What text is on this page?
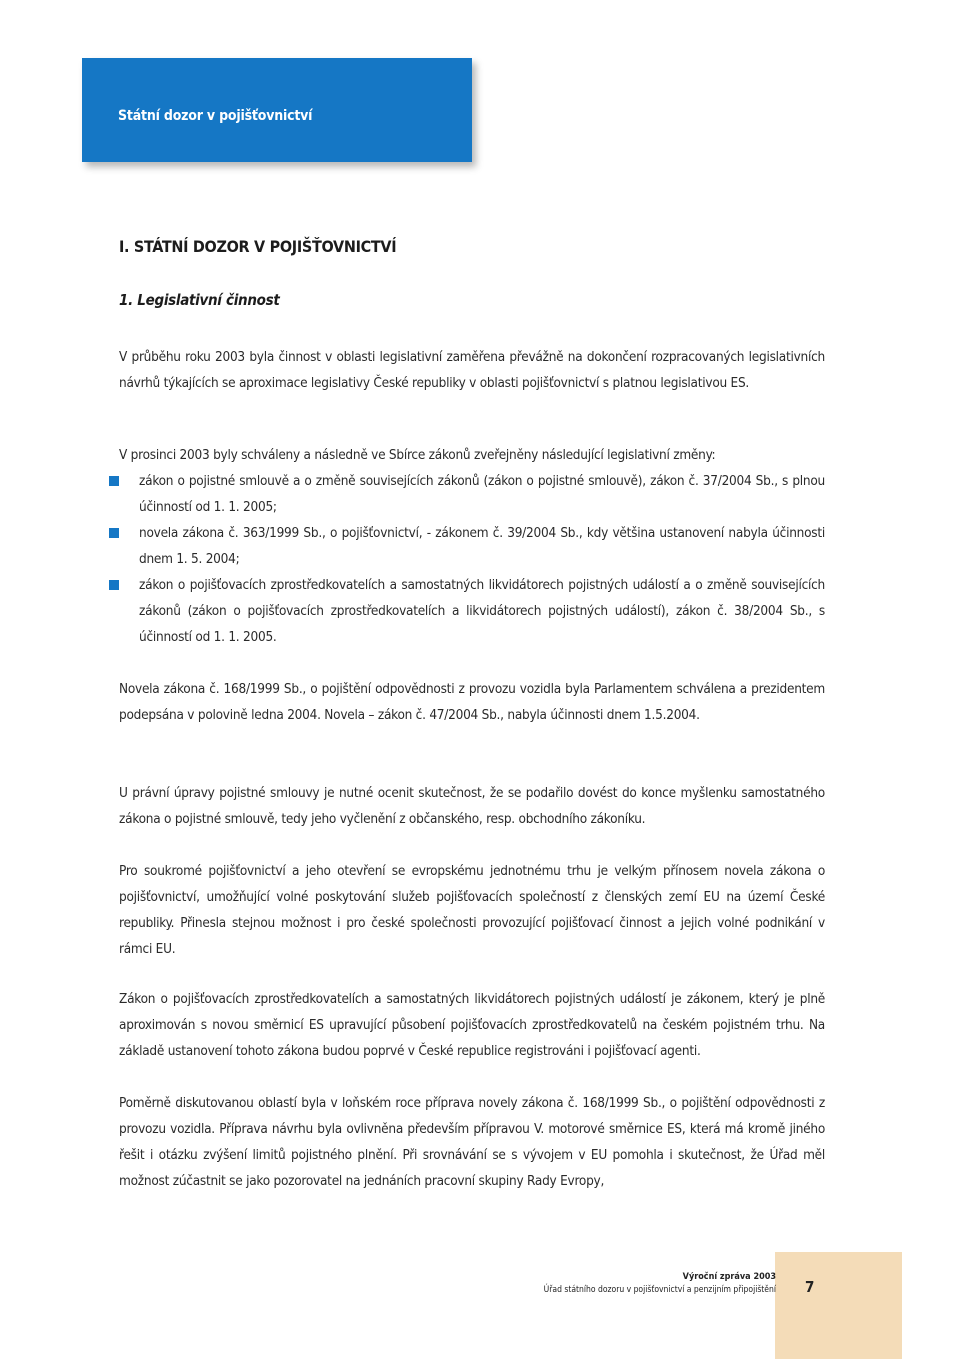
Státní dozor v pojišťovnictví
I. STÁTNÍ DOZOR V POJIŠŤOVNICTVÍ
1. Legislativní činnost

V průběhu roku 2003 byla činnost v oblasti legislativní zaměřena převážně na dokončení rozpracovaných legislativních návrhů týkajících se aproximace legislativy České republiky v oblasti pojišťovnictví s platnou legislativou ES.

V prosinci 2003 byly schváleny a následně ve Sbírce zákonů zveřejněny následující legislativní změny:

zákon o pojistné smlouvě a o změně souvisejících zákonů (zákon o pojistné smlouvě), zákon č. 37/2004 Sb., s plnou účinností od 1. 1. 2005;
novela zákona č. 363/1999 Sb., o pojišťovnictví, - zákonem č. 39/2004 Sb., kdy většina ustanovení nabyla účinnosti dnem 1. 5. 2004;
zákon o pojišťovacích zprostředkovatelích a samostatných likvidátorech pojistných událostí a o změně souvisejících zákonů (zákon o pojišťovacích zprostředkovatelích a likvidátorech pojistných událostí), zákon č. 38/2004 Sb., s účinností od 1. 1. 2005.

Novela zákona č. 168/1999 Sb., o pojištění odpovědnosti z provozu vozidla byla Parlamentem schválena a prezidentem podepsána v polovině ledna 2004. Novela – zákon č. 47/2004 Sb., nabyla účinnosti dnem 1.5.2004.

U právní úpravy pojistné smlouvy je nutné ocenit skutečnost, že se podařilo dovést do konce myšlenku samostatného zákona o pojistné smlouvě, tedy jeho vyčlenění z občanského, resp. obchodního zákoníku.

Pro soukromé pojišťovnictví a jeho otevření se evropskému jednotnému trhu je velkým přínosem novela zákona o pojišťovnictví, umožňující volné poskytování služeb pojišťovacích společností z členských zemí EU na území České republiky. Přinesla stejnou možnost i pro české společnosti provozující pojišťovací činnost a jejich volné podnikání v rámci EU.

Zákon o pojišťovacích zprostředkovatelích a samostatných likvidátorech pojistných událostí je zákonem, který je plně aproximován s novou směrnicí ES upravující působení pojišťovacích zprostředkovatelů na českém pojistném trhu. Na základě ustanovení tohoto zákona budou poprvé v České republice registrováni i pojišťovací agenti.

Poměrně diskutovanou oblastí byla v loňském roce příprava novely zákona č. 168/1999 Sb., o pojištění odpovědnosti z provozu vozidla. Příprava návrhu byla ovlivněna především přípravou V. motorové směrnice ES, která má kromě jiného řešit i otázku zvýšení limitů pojistného plnění. Při srovnávání se s vývojem v EU pomohla i skutečnost, že Úřad měl možnost zúčastnit se jako pozorovatel na jednáních pracovní skupiny Rady Evropy,

Výroční zpráva 2003
Úřad státního dozoru v pojišťovnictví a penzijním připojištění 7
